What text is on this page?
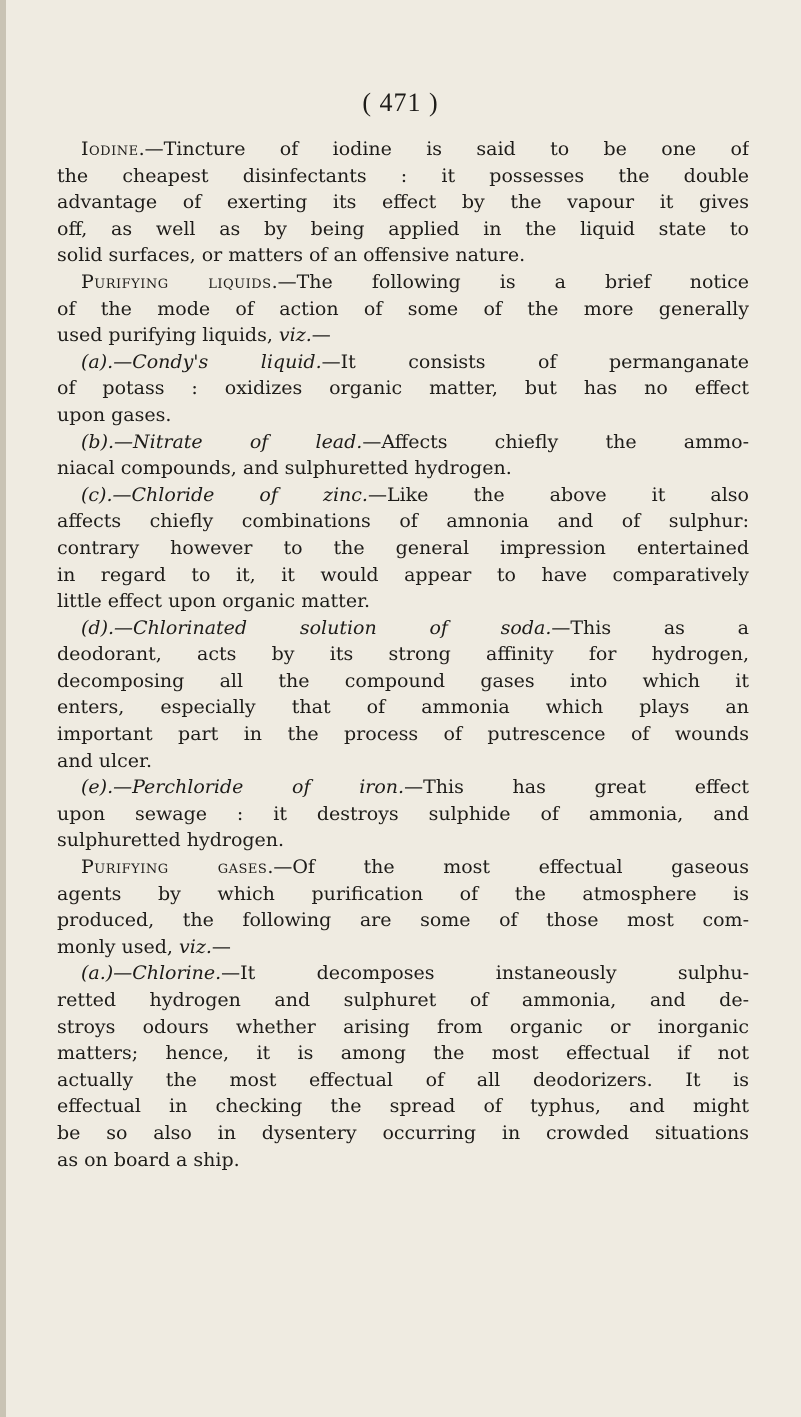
( 471 )
Iodine.—Tincture of iodine is said to be one of
the cheapest disinfectants : it possesses the double
advantage of exerting its effect by the vapour it gives
off, as well as by being applied in the liquid state to
solid surfaces, or matters of an offensive nature.
Purifying liquids.—The following is a brief notice
of the mode of action of some of the more generally
used purifying liquids, viz.—
(a).—Condy's liquid.—It consists of permanganate
of potass : oxidizes organic matter, but has no effect
upon gases.
(b).—Nitrate of lead.—Affects chiefly the ammo-
niacal compounds, and sulphuretted hydrogen.
(c).—Chloride of zinc.—Like the above it also
affects chiefly combinations of amnonia and of sulphur:
contrary however to the general impression entertained
in regard to it, it would appear to have comparatively
little effect upon organic matter.
(d).—Chlorinated solution of soda.—This as a
deodorant, acts by its strong affinity for hydrogen,
decomposing all the compound gases into which it
enters, especially that of ammonia which plays an
important part in the process of putrescence of wounds
and ulcer.
(e).—Perchloride of iron.—This has great effect
upon sewage : it destroys sulphide of ammonia, and
sulphuretted hydrogen.
Purifying gases.—Of the most effectual gaseous
agents by which purification of the atmosphere is
produced, the following are some of those most com-
monly used, viz.—
(a.)—Chlorine.—It decomposes instaneously sulphu-
retted hydrogen and sulphuret of ammonia, and de-
stroys odours whether arising from organic or inorganic
matters; hence, it is among the most effectual if not
actually the most effectual of all deodorizers. It is
effectual in checking the spread of typhus, and might
be so also in dysentery occurring in crowded situations
as on board a ship.
